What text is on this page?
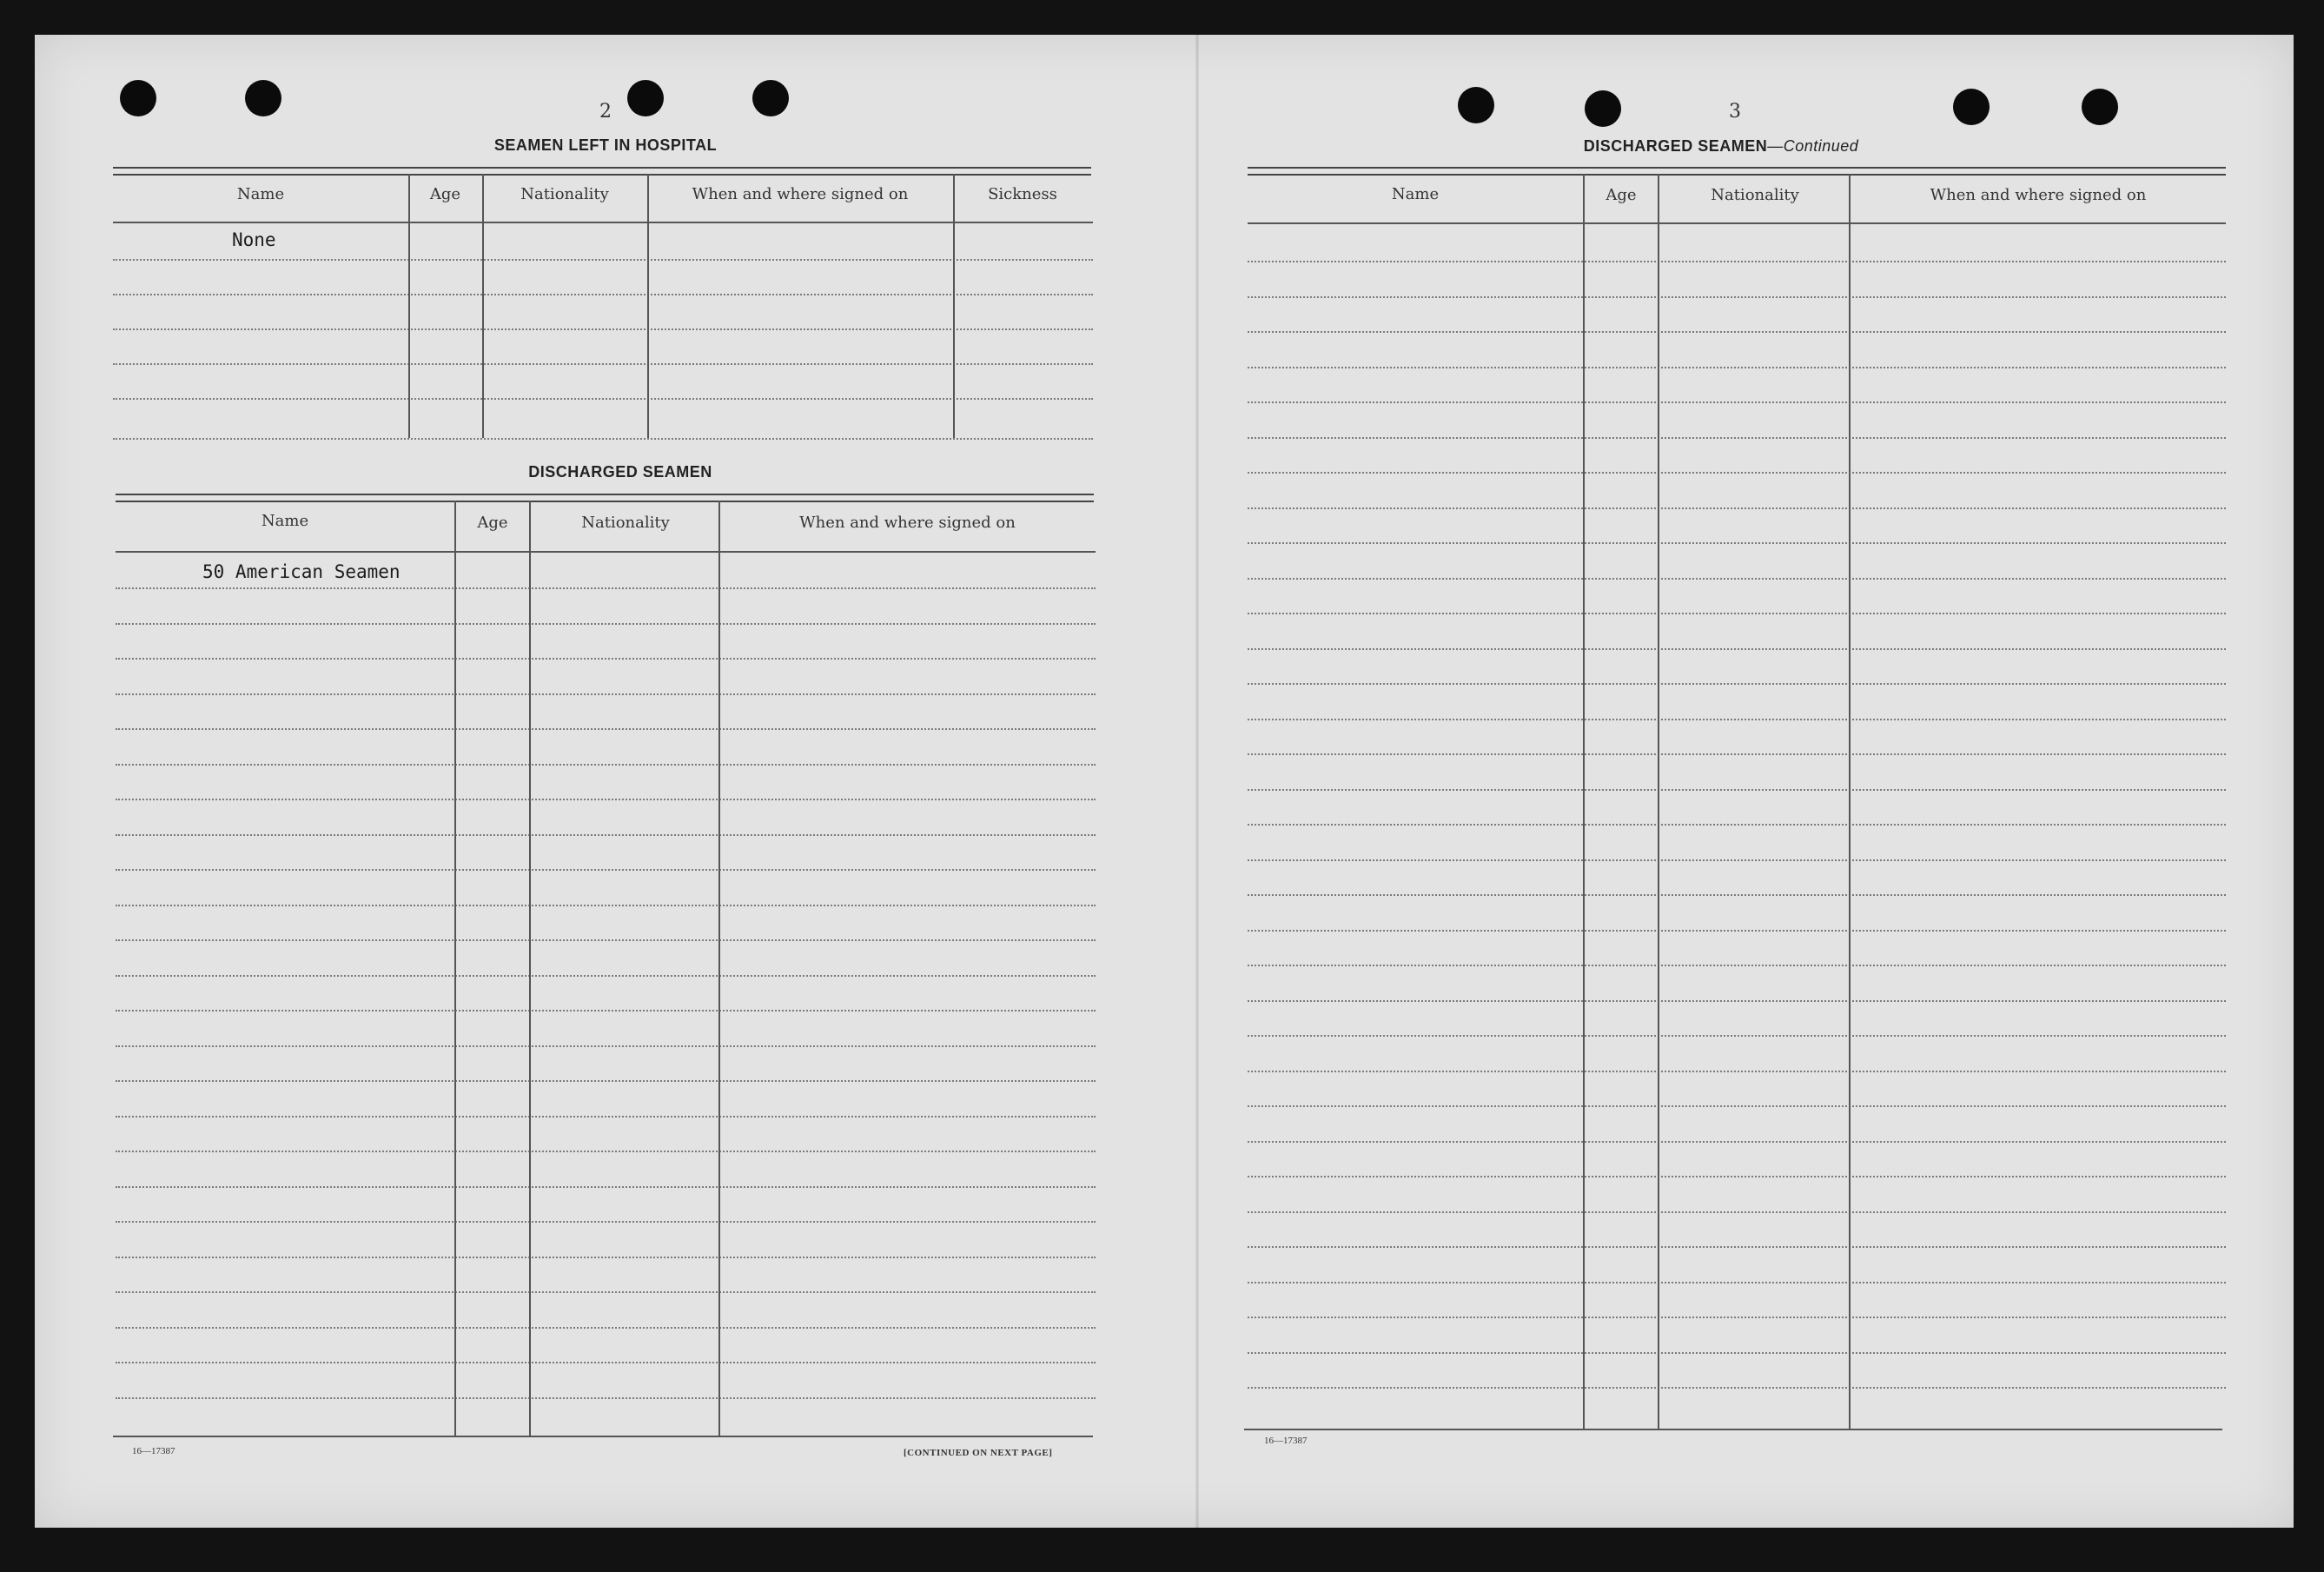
2
SEAMEN LEFT IN HOSPITAL
Name	Age	Nationality	When and where signed on	Sickness
None
DISCHARGED SEAMEN
Name	Age	Nationality	When and where signed on
50 American Seamen
16—17387	[CONTINUED ON NEXT PAGE]
3
DISCHARGED SEAMEN—Continued
Name	Age	Nationality	When and where signed on
16—17387
